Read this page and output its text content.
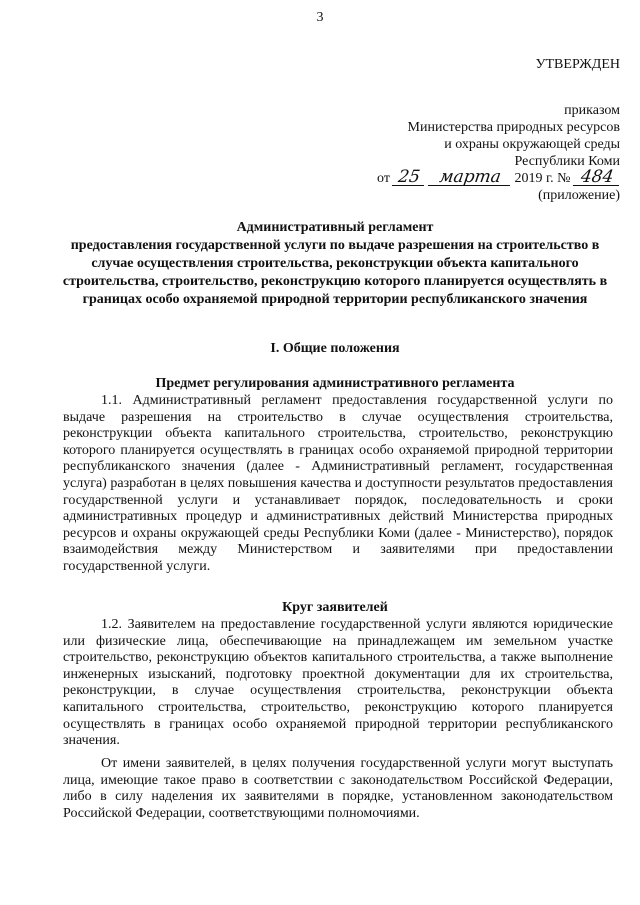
3
УТВЕРЖДЕН
приказом
Министерства природных ресурсов
и охраны окружающей среды
Республики Коми
от 25 марта 2019 г. № 484
(приложение)
Административный регламент
предоставления государственной услуги по выдаче разрешения на строительство в случае осуществления строительства, реконструкции объекта капитального строительства, строительство, реконструкцию которого планируется осуществлять в границах особо охраняемой природной территории республиканского значения
I. Общие положения
Предмет регулирования административного регламента

1.1. Административный регламент предоставления государственной услуги по выдаче разрешения на строительство в случае осуществления строительства, реконструкции объекта капитального строительства, строительство, реконструкцию которого планируется осуществлять в границах особо охраняемой природной территории республиканского значения (далее - Административный регламент, государственная услуга) разработан в целях повышения качества и доступности результатов предоставления государственной услуги и устанавливает порядок, последовательность и сроки административных процедур и административных действий Министерства природных ресурсов и охраны окружающей среды Республики Коми (далее - Министерство), порядок взаимодействия между Министерством и заявителями при предоставлении государственной услуги.

Круг заявителей

1.2. Заявителем на предоставление государственной услуги являются юридические или физические лица, обеспечивающие на принадлежащем им земельном участке строительство, реконструкцию объектов капитального строительства, а также выполнение инженерных изысканий, подготовку проектной документации для их строительства, реконструкции, в случае осуществления строительства, реконструкции объекта капитального строительства, строительство, реконструкцию которого планируется осуществлять в границах особо охраняемой природной территории республиканского значения.

От имени заявителей, в целях получения государственной услуги могут выступать лица, имеющие такое право в соответствии с законодательством Российской Федерации, либо в силу наделения их заявителями в порядке, установленном законодательством Российской Федерации, соответствующими полномочиями.
